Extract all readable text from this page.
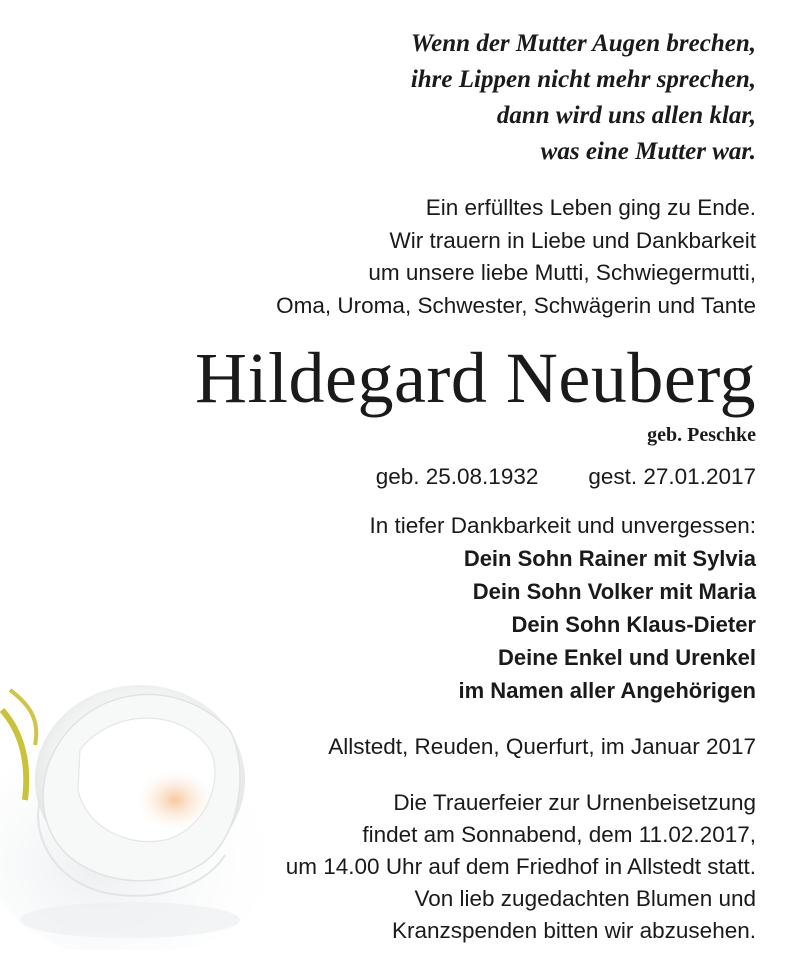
Wenn der Mutter Augen brechen,
ihre Lippen nicht mehr sprechen,
dann wird uns allen klar,
was eine Mutter war.
Ein erfülltes Leben ging zu Ende.
Wir trauern in Liebe und Dankbarkeit
um unsere liebe Mutti, Schwiegermutti,
Oma, Uroma, Schwester, Schwägerin und Tante
Hildegard Neuberg
geb. Peschke
geb. 25.08.1932 gest. 27.01.2017
In tiefer Dankbarkeit und unvergessen:
Dein Sohn Rainer mit Sylvia
Dein Sohn Volker mit Maria
Dein Sohn Klaus-Dieter
Deine Enkel und Urenkel
im Namen aller Angehörigen
Allstedt, Reuden, Querfurt, im Januar 2017
Die Trauerfeier zur Urnenbeisetzung
findet am Sonnabend, dem 11.02.2017,
um 14.00 Uhr auf dem Friedhof in Allstedt statt.
Von lieb zugedachten Blumen und
Kranzspenden bitten wir abzusehen.
